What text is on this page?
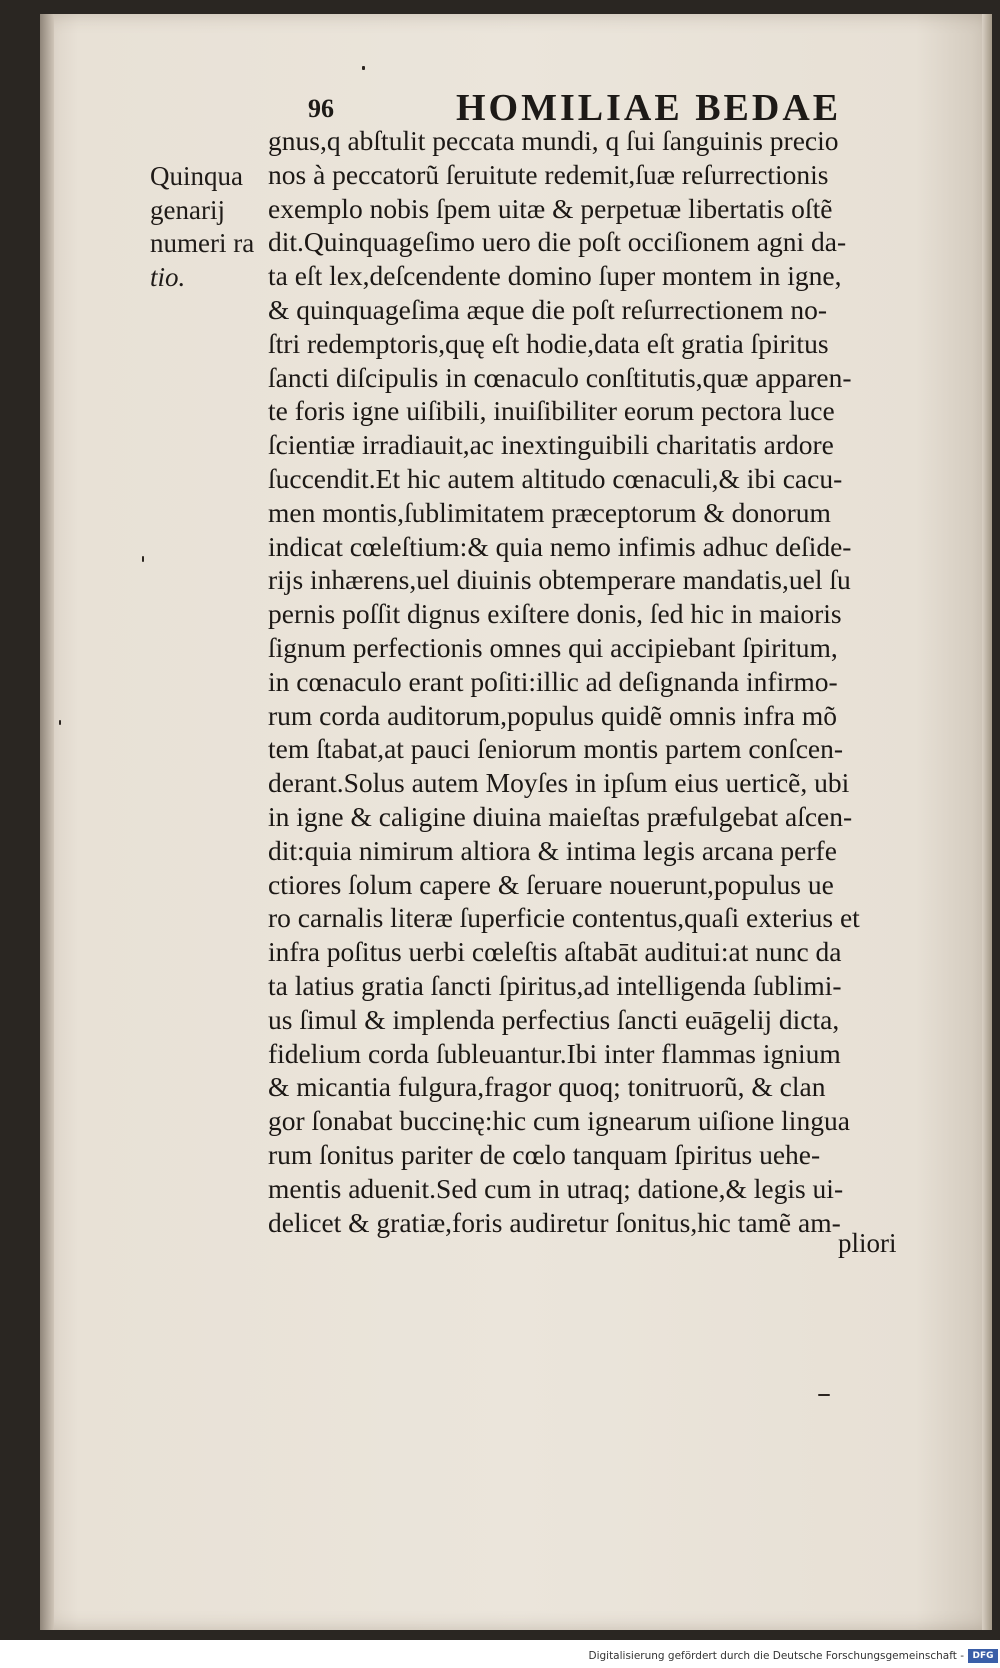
96	HOMILIAE BEDAE
Quinqua
genarij
numeri ra
tio.
gnus,q abſtulit peccata mundi, q ſui ſanguinis precio
nos à peccatorũ ſeruitute redemit,ſuæ reſurrectionis
exemplo nobis ſpem uitæ & perpetuæ libertatis oſtẽ
dit.Quinquageſimo uero die poſt occiſionem agni da-
ta eſt lex,deſcendente domino ſuper montem in igne,
& quinquageſima æque die poſt reſurrectionem no-
ſtri redemptoris,quę eſt hodie,data eſt gratia ſpiritus
ſancti diſcipulis in cœnaculo conſtitutis,quæ apparen-
te foris igne uiſibili, inuiſibiliter eorum pectora luce
ſcientiæ irradiauit,ac inextinguibili charitatis ardore
ſuccendit.Et hic autem altitudo cœnaculi,& ibi cacu-
men montis,ſublimitatem præceptorum & donorum
indicat cœleſtium:& quia nemo infimis adhuc deſide-
rijs inhærens,uel diuinis obtemperare mandatis,uel ſu
pernis poſſit dignus exiſtere donis, ſed hic in maioris
ſignum perfectionis omnes qui accipiebant ſpiritum,
in cœnaculo erant poſiti:illic ad deſignanda infirmo-
rum corda auditorum,populus quidẽ omnis infra mõ
tem ſtabat,at pauci ſeniorum montis partem conſcen-
derant.Solus autem Moyſes in ipſum eius uerticẽ, ubi
in igne & caligine diuina maieſtas præfulgebat aſcen-
dit:quia nimirum altiora & intima legis arcana perfe
ctiores ſolum capere & ſeruare nouerunt,populus ue
ro carnalis literæ ſuperficie contentus,quaſi exterius et
infra poſitus uerbi cœleſtis aſtabāt auditui:at nunc da
ta latius gratia ſancti ſpiritus,ad intelligenda ſublimi-
us ſimul & implenda perfectius ſancti euāgelij dicta,
fidelium corda ſubleuantur.Ibi inter flammas ignium
& micantia fulgura,fragor quoq; tonitruorũ, & clan
gor ſonabat buccinę:hic cum ignearum uiſione lingua
rum ſonitus pariter de cœlo tanquam ſpiritus uehe-
mentis aduenit.Sed cum in utraq; datione,& legis ui-
delicet & gratiæ,foris audiretur ſonitus,hic tamẽ am-
pliori
Digitalisierung gefördert durch die Deutsche Forschungsgemeinschaft - DFG
